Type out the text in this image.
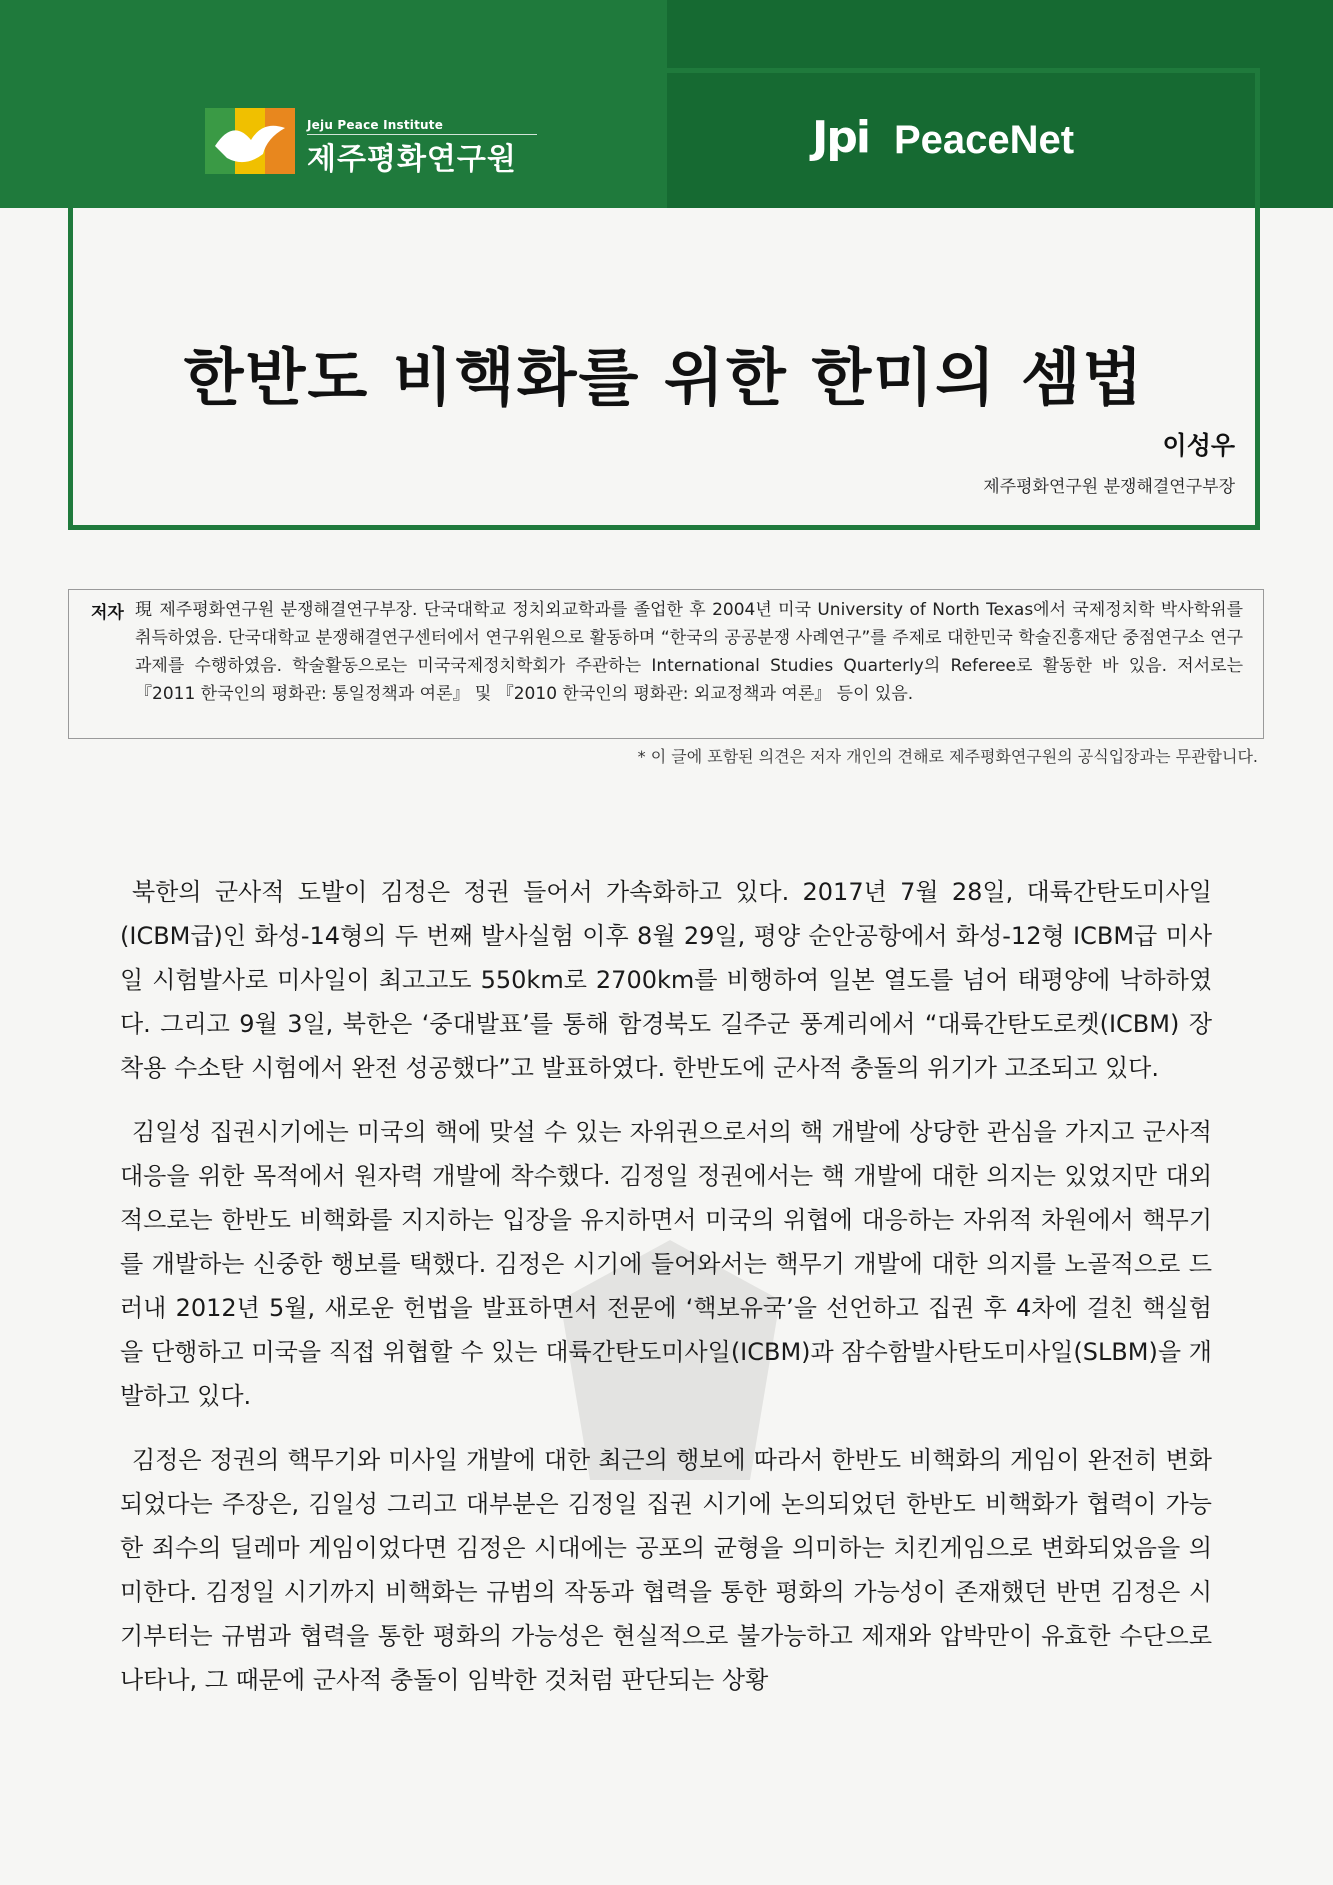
Jeju Peace Institute
제주평화연구원	Jpi PeaceNet
한반도 비핵화를 위한 한미의 셈법
이성우
제주평화연구원 분쟁해결연구부장
저자 現 제주평화연구원 분쟁해결연구부장. 단국대학교 정치외교학과를 졸업한 후 2004년 미국 University of North Texas에서 국제정치학 박사학위를 취득하였음. 단국대학교 분쟁해결연구센터에서 연구위원으로 활동하며 “한국의 공공분쟁 사례연구”를 주제로 대한민국 학술진흥재단 중점연구소 연구과제를 수행하였음. 학술활동으로는 미국국제정치학회가 주관하는 International Studies Quarterly의 Referee로 활동한 바 있음. 저서로는 『2011 한국인의 평화관: 통일정책과 여론』 및 『2010 한국인의 평화관: 외교정책과 여론』 등이 있음.
* 이 글에 포함된 의견은 저자 개인의 견해로 제주평화연구원의 공식입장과는 무관합니다.

북한의 군사적 도발이 김정은 정권 들어서 가속화하고 있다. 2017년 7월 28일, 대륙간탄도미사일(ICBM급)인 화성-14형의 두 번째 발사실험 이후 8월 29일, 평양 순안공항에서 화성-12형 ICBM급 미사일 시험발사로 미사일이 최고고도 550km로 2700km를 비행하여 일본 열도를 넘어 태평양에 낙하하였다. 그리고 9월 3일, 북한은 ‘중대발표’를 통해 함경북도 길주군 풍계리에서 “대륙간탄도로켓(ICBM) 장착용 수소탄 시험에서 완전 성공했다”고 발표하였다. 한반도에 군사적 충돌의 위기가 고조되고 있다.

김일성 집권시기에는 미국의 핵에 맞설 수 있는 자위권으로서의 핵 개발에 상당한 관심을 가지고 군사적 대응을 위한 목적에서 원자력 개발에 착수했다. 김정일 정권에서는 핵 개발에 대한 의지는 있었지만 대외적으로는 한반도 비핵화를 지지하는 입장을 유지하면서 미국의 위협에 대응하는 자위적 차원에서 핵무기를 개발하는 신중한 행보를 택했다. 김정은 시기에 들어와서는 핵무기 개발에 대한 의지를 노골적으로 드러내 2012년 5월, 새로운 헌법을 발표하면서 전문에 ‘핵보유국’을 선언하고 집권 후 4차에 걸친 핵실험을 단행하고 미국을 직접 위협할 수 있는 대륙간탄도미사일(ICBM)과 잠수함발사탄도미사일(SLBM)을 개발하고 있다.

김정은 정권의 핵무기와 미사일 개발에 대한 최근의 행보에 따라서 한반도 비핵화의 게임이 완전히 변화되었다는 주장은, 김일성 그리고 대부분은 김정일 집권 시기에 논의되었던 한반도 비핵화가 협력이 가능한 죄수의 딜레마 게임이었다면 김정은 시대에는 공포의 균형을 의미하는 치킨게임으로 변화되었음을 의미한다. 김정일 시기까지 비핵화는 규범의 작동과 협력을 통한 평화의 가능성이 존재했던 반면 김정은 시기부터는 규범과 협력을 통한 평화의 가능성은 현실적으로 불가능하고 제재와 압박만이 유효한 수단으로 나타나, 그 때문에 군사적 충돌이 임박한 것처럼 판단되는 상황
